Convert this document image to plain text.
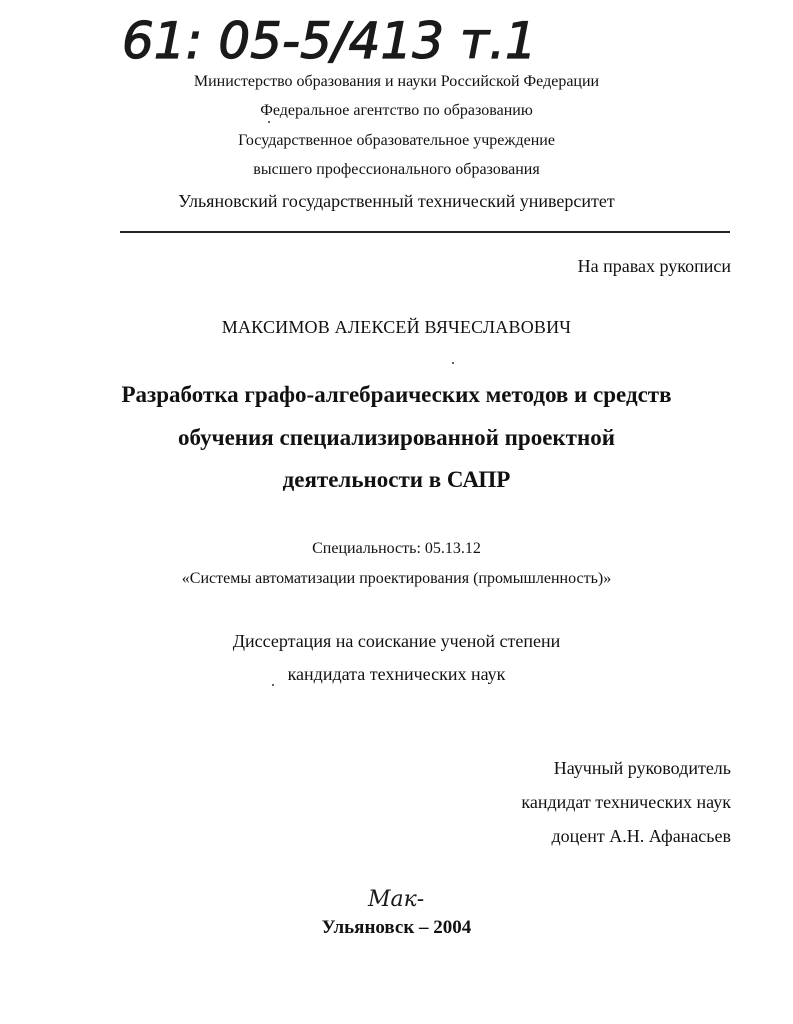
61: 05-5/413 т.1
Министерство образования и науки Российской Федерации
Федеральное агентство по образованию
Государственное образовательное учреждение
высшего профессионального образования
Ульяновский государственный технический университет
На правах рукописи
МАКСИМОВ АЛЕКСЕЙ ВЯЧЕСЛАВОВИЧ
Разработка графо-алгебраических методов и средств
обучения специализированной проектной
деятельности в САПР
Специальность: 05.13.12
«Системы автоматизации проектирования (промышленность)»
Диссертация на соискание ученой степени
кандидата технических наук
Научный руководитель
кандидат технических наук
доцент А.Н. Афанасьев
Мак-
Ульяновск – 2004
